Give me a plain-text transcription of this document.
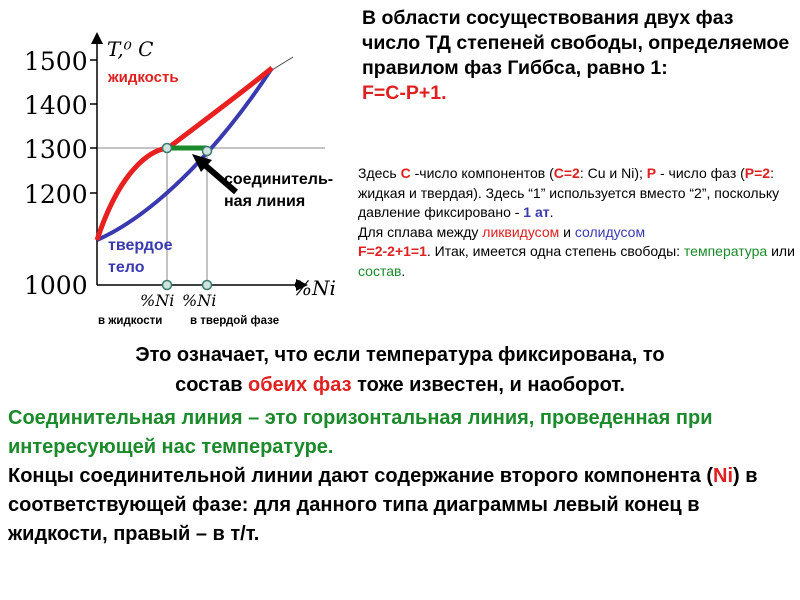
T,⁰ C
1500
1400
1300
1200
1000	%Ni
жидкость
твердое
тело
соединитель-
ная линия
%Ni %Ni
в жидкости в твердой фазе
В области сосуществования двух фаз число ТД степеней свободы, определяемое правилом фаз Гиббса, равно 1:
F=C-P+1.
Здесь C -число компонентов (C=2: Cu и Ni); P - число фаз (P=2: жидкая и твердая). Здесь “1” используется вместо “2”, поскольку давление фиксировано - 1 ат.
Для сплава между ликвидусом и солидусом
F=2-2+1=1. Итак, имеется одна степень свободы: температура или состав.
Это означает, что если температура фиксирована, то
состав обеих фаз тоже известен, и наоборот.
Соединительная линия – это горизонтальная линия, проведенная при интересующей нас температуре.
Концы соединительной линии дают содержание второго компонента (Ni) в соответствующей фазе: для данного типа диаграммы левый конец в жидкости, правый – в т/т.
